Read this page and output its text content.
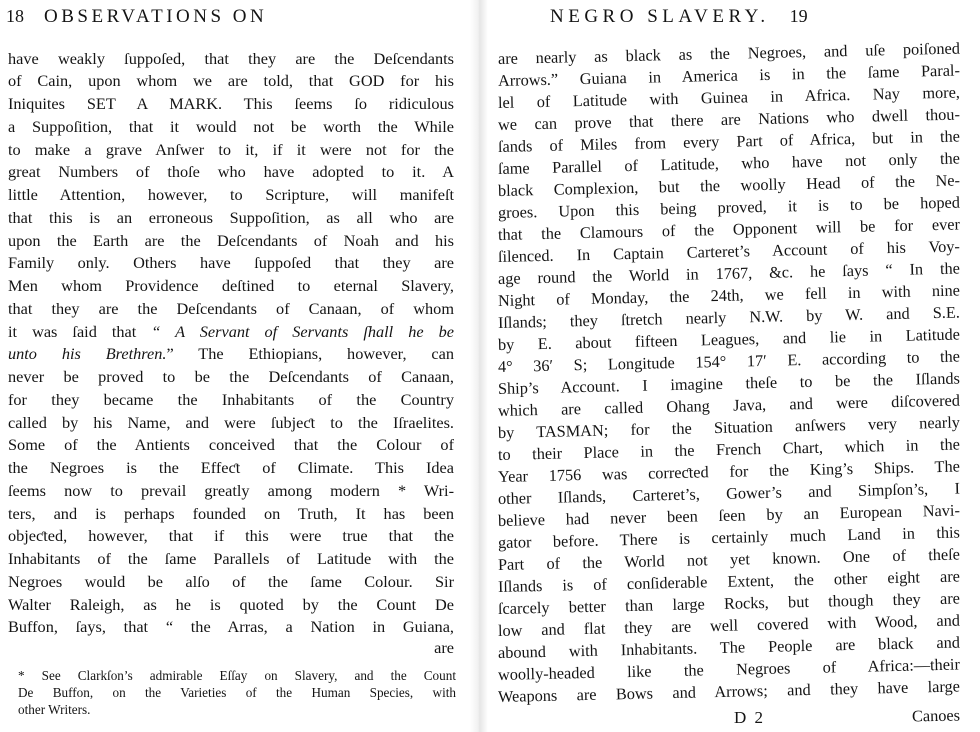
18 OBSERVATIONS ON
have weakly ſuppoſed, that they are the Deſcendants
of Cain, upon whom we are told, that GOD for his
Iniquites SET A MARK. This ſeems ſo ridiculous
a Suppoſition, that it would not be worth the While
to make a grave Anſwer to it, if it were not for the
great Numbers of thoſe who have adopted to it. A
little Attention, however, to Scripture, will manifeſt
that this is an erroneous Suppoſition, as all who are
upon the Earth are the Deſcendants of Noah and his
Family only. Others have ſuppoſed that they are
Men whom Providence deſtined to eternal Slavery,
that they are the Deſcendants of Canaan, of whom
it was ſaid that “ A Servant of Servants ſhall he be
unto his Brethren.” The Ethiopians, however, can
never be proved to be the Deſcendants of Canaan,
for they became the Inhabitants of the Country
called by his Name, and were ſubjeƈt to the Iſraelites.
Some of the Antients conceived that the Colour of
the Negroes is the Effeƈt of Climate. This Idea
ſeems now to prevail greatly among modern * Wri-
ters, and is perhaps founded on Truth, It has been
objeƈted, however, that if this were true that the
Inhabitants of the ſame Parallels of Latitude with the
Negroes would be alſo of the ſame Colour. Sir
Walter Raleigh, as he is quoted by the Count De
Buffon, ſays, that “ the Arras, a Nation in Guiana,
are
* See Clarkſon’s admirable Eſſay on Slavery, and the Count
De Buffon, on the Varieties of the Human Species, with
other Writers.
NEGRO SLAVERY. 19
are nearly as black as the Negroes, and uſe poiſoned
Arrows.” Guiana in America is in the ſame Paral-
lel of Latitude with Guinea in Africa. Nay more,
we can prove that there are Nations who dwell thou-
ſands of Miles from every Part of Africa, but in the
ſame Parallel of Latitude, who have not only the
black Complexion, but the woolly Head of the Ne-
groes. Upon this being proved, it is to be hoped
that the Clamours of the Opponent will be for ever
ſilenced. In Captain Carteret’s Account of his Voy-
age round the World in 1767, &c. he ſays “ In the
Night of Monday, the 24th, we fell in with nine
Iſlands; they ſtretch nearly N.W. by W. and S.E.
by E. about fifteen Leagues, and lie in Latitude
4° 36′ S; Longitude 154° 17′ E. according to the
Ship’s Account. I imagine theſe to be the Iſlands
which are called Ohang Java, and were diſcovered
by TASMAN; for the Situation anſwers very nearly
to their Place in the French Chart, which in the
Year 1756 was correƈted for the King’s Ships. The
other Iſlands, Carteret’s, Gower’s and Simpſon’s, I
believe had never been ſeen by an European Navi-
gator before. There is certainly much Land in this
Part of the World not yet known. One of theſe
Iſlands is of conſiderable Extent, the other eight are
ſcarcely better than large Rocks, but though they are
low and flat they are well covered with Wood, and
abound with Inhabitants. The People are black and
woolly-headed like the Negroes of Africa:—their
Weapons are Bows and Arrows; and they have large
D 2	Canoes
